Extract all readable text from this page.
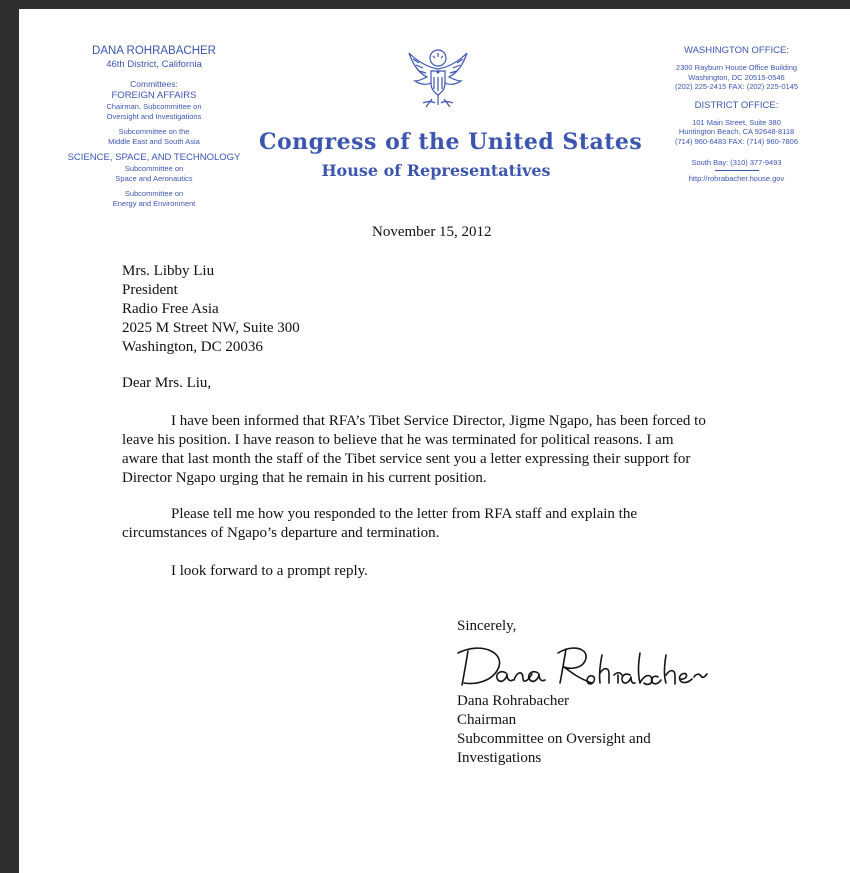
DANA ROHRABACHER
46th District, California
Committees:
FOREIGN AFFAIRS
Chairman, Subcommittee on
Oversight and Investigations
Subcommittee on the
Middle East and South Asia
SCIENCE, SPACE, AND TECHNOLOGY
Subcommittee on
Space and Aeronautics
Subcommittee on
Energy and Environment
Congress of the United States
House of Representatives
WASHINGTON OFFICE:
2300 Rayburn House Office Building
Washington, DC 20515-0546
(202) 225-2415 FAX: (202) 225-0145
DISTRICT OFFICE:
101 Main Street, Suite 380
Huntington Beach, CA 92648-8118
(714) 960-6483 FAX: (714) 960-7806
South Bay: (310) 377-9493
http://rohrabacher.house.gov
November 15, 2012
Mrs. Libby Liu
President
Radio Free Asia
2025 M Street NW, Suite 300
Washington, DC 20036
Dear Mrs. Liu,
I have been informed that RFA’s Tibet Service Director, Jigme Ngapo, has been forced to
leave his position. I have reason to believe that he was terminated for political reasons. I am
aware that last month the staff of the Tibet service sent you a letter expressing their support for
Director Ngapo urging that he remain in his current position.
Please tell me how you responded to the letter from RFA staff and explain the
circumstances of Ngapo’s departure and termination.
I look forward to a prompt reply.
Sincerely,
Dana Rohrabacher
Chairman
Subcommittee on Oversight and
Investigations
